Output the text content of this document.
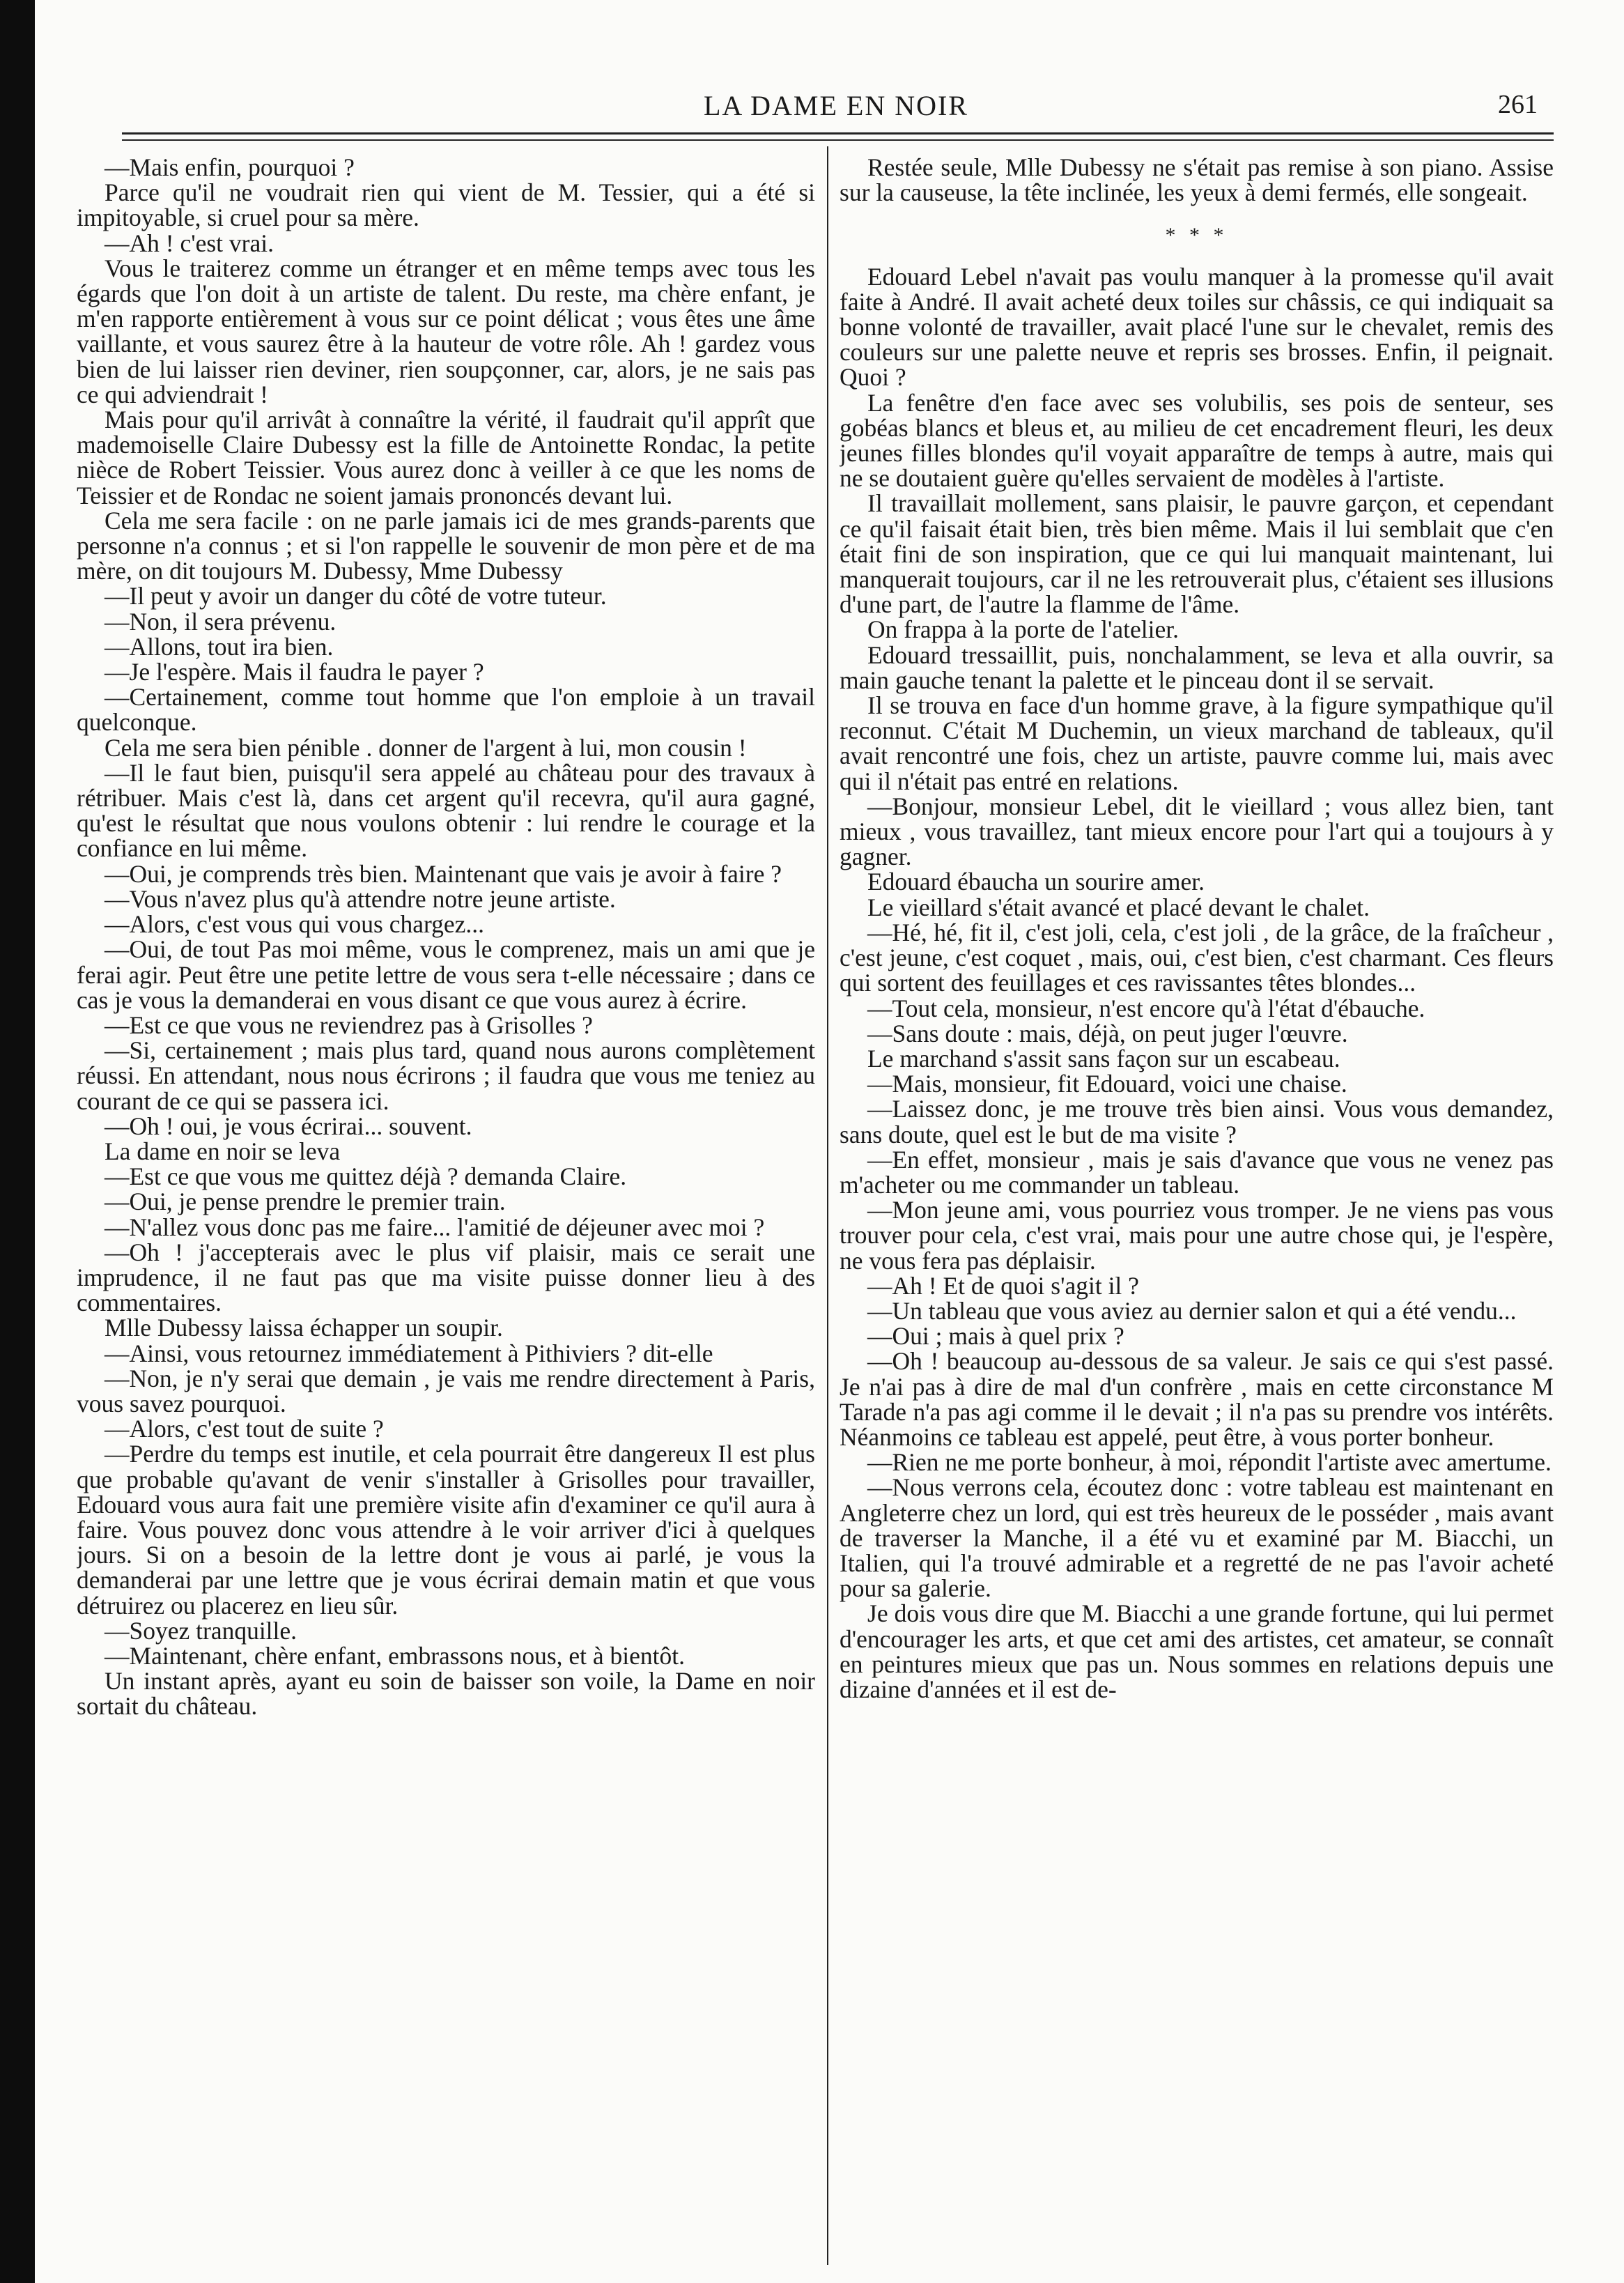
LA DAME EN NOIR	261

—Mais enfin, pourquoi ?

Parce qu'il ne voudrait rien qui vient de M. Tessier, qui a été si impitoyable, si cruel pour sa mère.

—Ah ! c'est vrai.

Vous le traiterez comme un étranger et en même temps avec tous les égards que l'on doit à un artiste de talent. Du reste, ma chère enfant, je m'en rapporte entièrement à vous sur ce point délicat ; vous êtes une âme vaillante, et vous saurez être à la hauteur de votre rôle. Ah ! gardez vous bien de lui laisser rien deviner, rien soupçonner, car, alors, je ne sais pas ce qui adviendrait !

Mais pour qu'il arrivât à connaître la vérité, il faudrait qu'il apprît que mademoiselle Claire Dubessy est la fille de Antoinette Rondac, la petite nièce de Robert Teissier. Vous aurez donc à veiller à ce que les noms de Teissier et de Rondac ne soient jamais prononcés devant lui.

Cela me sera facile : on ne parle jamais ici de mes grands-parents que personne n'a connus ; et si l'on rappelle le souvenir de mon père et de ma mère, on dit toujours M. Dubessy, Mme Dubessy

—Il peut y avoir un danger du côté de votre tuteur.

—Non, il sera prévenu.

—Allons, tout ira bien.

—Je l'espère. Mais il faudra le payer ?

—Certainement, comme tout homme que l'on emploie à un travail quelconque.

Cela me sera bien pénible . donner de l'argent à lui, mon cousin !

—Il le faut bien, puisqu'il sera appelé au château pour des travaux à rétribuer. Mais c'est là, dans cet argent qu'il recevra, qu'il aura gagné, qu'est le résultat que nous voulons obtenir : lui rendre le courage et la confiance en lui même.

—Oui, je comprends très bien. Maintenant que vais je avoir à faire ?

—Vous n'avez plus qu'à attendre notre jeune artiste.

—Alors, c'est vous qui vous chargez...

—Oui, de tout Pas moi même, vous le comprenez, mais un ami que je ferai agir. Peut être une petite lettre de vous sera t-elle nécessaire ; dans ce cas je vous la demanderai en vous disant ce que vous aurez à écrire.

—Est ce que vous ne reviendrez pas à Grisolles ?

—Si, certainement ; mais plus tard, quand nous aurons complètement réussi. En attendant, nous nous écrirons ; il faudra que vous me teniez au courant de ce qui se passera ici.

—Oh ! oui, je vous écrirai... souvent.

La dame en noir se leva

—Est ce que vous me quittez déjà ? demanda Claire.

—Oui, je pense prendre le premier train.

—N'allez vous donc pas me faire... l'amitié de déjeuner avec moi ?

—Oh ! j'accepterais avec le plus vif plaisir, mais ce serait une imprudence, il ne faut pas que ma visite puisse donner lieu à des commentaires.

Mlle Dubessy laissa échapper un soupir.

—Ainsi, vous retournez immédiatement à Pithiviers ? dit-elle

—Non, je n'y serai que demain , je vais me rendre directement à Paris, vous savez pourquoi.

—Alors, c'est tout de suite ?

—Perdre du temps est inutile, et cela pourrait être dangereux Il est plus que probable qu'avant de venir s'installer à Grisolles pour travailler, Edouard vous aura fait une première visite afin d'examiner ce qu'il aura à faire. Vous pouvez donc vous attendre à le voir arriver d'ici à quelques jours. Si on a besoin de la lettre dont je vous ai parlé, je vous la demanderai par une lettre que je vous écrirai demain matin et que vous détruirez ou placerez en lieu sûr.

—Soyez tranquille.

—Maintenant, chère enfant, embrassons nous, et à bientôt.

Un instant après, ayant eu soin de baisser son voile, la Dame en noir sortait du château.

Restée seule, Mlle Dubessy ne s'était pas remise à son piano. Assise sur la causeuse, la tête inclinée, les yeux à demi fermés, elle songeait.

* * *

Edouard Lebel n'avait pas voulu manquer à la promesse qu'il avait faite à André. Il avait acheté deux toiles sur châssis, ce qui indiquait sa bonne volonté de travailler, avait placé l'une sur le chevalet, remis des couleurs sur une palette neuve et repris ses brosses. Enfin, il peignait. Quoi ?

La fenêtre d'en face avec ses volubilis, ses pois de senteur, ses gobéas blancs et bleus et, au milieu de cet encadrement fleuri, les deux jeunes filles blondes qu'il voyait apparaître de temps à autre, mais qui ne se doutaient guère qu'elles servaient de modèles à l'artiste.

Il travaillait mollement, sans plaisir, le pauvre garçon, et cependant ce qu'il faisait était bien, très bien même. Mais il lui semblait que c'en était fini de son inspiration, que ce qui lui manquait maintenant, lui manquerait toujours, car il ne les retrouverait plus, c'étaient ses illusions d'une part, de l'autre la flamme de l'âme.

On frappa à la porte de l'atelier.

Edouard tressaillit, puis, nonchalamment, se leva et alla ouvrir, sa main gauche tenant la palette et le pinceau dont il se servait.

Il se trouva en face d'un homme grave, à la figure sympathique qu'il reconnut. C'était M Duchemin, un vieux marchand de tableaux, qu'il avait rencontré une fois, chez un artiste, pauvre comme lui, mais avec qui il n'était pas entré en relations.

—Bonjour, monsieur Lebel, dit le vieillard ; vous allez bien, tant mieux , vous travaillez, tant mieux encore pour l'art qui a toujours à y gagner.

Edouard ébaucha un sourire amer.

Le vieillard s'était avancé et placé devant le chalet.

—Hé, hé, fit il, c'est joli, cela, c'est joli , de la grâce, de la fraîcheur , c'est jeune, c'est coquet , mais, oui, c'est bien, c'est charmant. Ces fleurs qui sortent des feuillages et ces ravissantes têtes blondes...

—Tout cela, monsieur, n'est encore qu'à l'état d'ébauche.

—Sans doute : mais, déjà, on peut juger l'œuvre.

Le marchand s'assit sans façon sur un escabeau.

—Mais, monsieur, fit Edouard, voici une chaise.

—Laissez donc, je me trouve très bien ainsi. Vous vous demandez, sans doute, quel est le but de ma visite ?

—En effet, monsieur , mais je sais d'avance que vous ne venez pas m'acheter ou me commander un tableau.

—Mon jeune ami, vous pourriez vous tromper. Je ne viens pas vous trouver pour cela, c'est vrai, mais pour une autre chose qui, je l'espère, ne vous fera pas déplaisir.

—Ah ! Et de quoi s'agit il ?

—Un tableau que vous aviez au dernier salon et qui a été vendu...

—Oui ; mais à quel prix ?

—Oh ! beaucoup au-dessous de sa valeur. Je sais ce qui s'est passé. Je n'ai pas à dire de mal d'un confrère , mais en cette circonstance M Tarade n'a pas agi comme il le devait ; il n'a pas su prendre vos intérêts. Néanmoins ce tableau est appelé, peut être, à vous porter bonheur.

—Rien ne me porte bonheur, à moi, répondit l'artiste avec amertume.

—Nous verrons cela, écoutez donc : votre tableau est maintenant en Angleterre chez un lord, qui est très heureux de le posséder , mais avant de traverser la Manche, il a été vu et examiné par M. Biacchi, un Italien, qui l'a trouvé admirable et a regretté de ne pas l'avoir acheté pour sa galerie.

Je dois vous dire que M. Biacchi a une grande fortune, qui lui permet d'encourager les arts, et que cet ami des artistes, cet amateur, se connaît en peintures mieux que pas un. Nous sommes en relations depuis une dizaine d'années et il est de-
